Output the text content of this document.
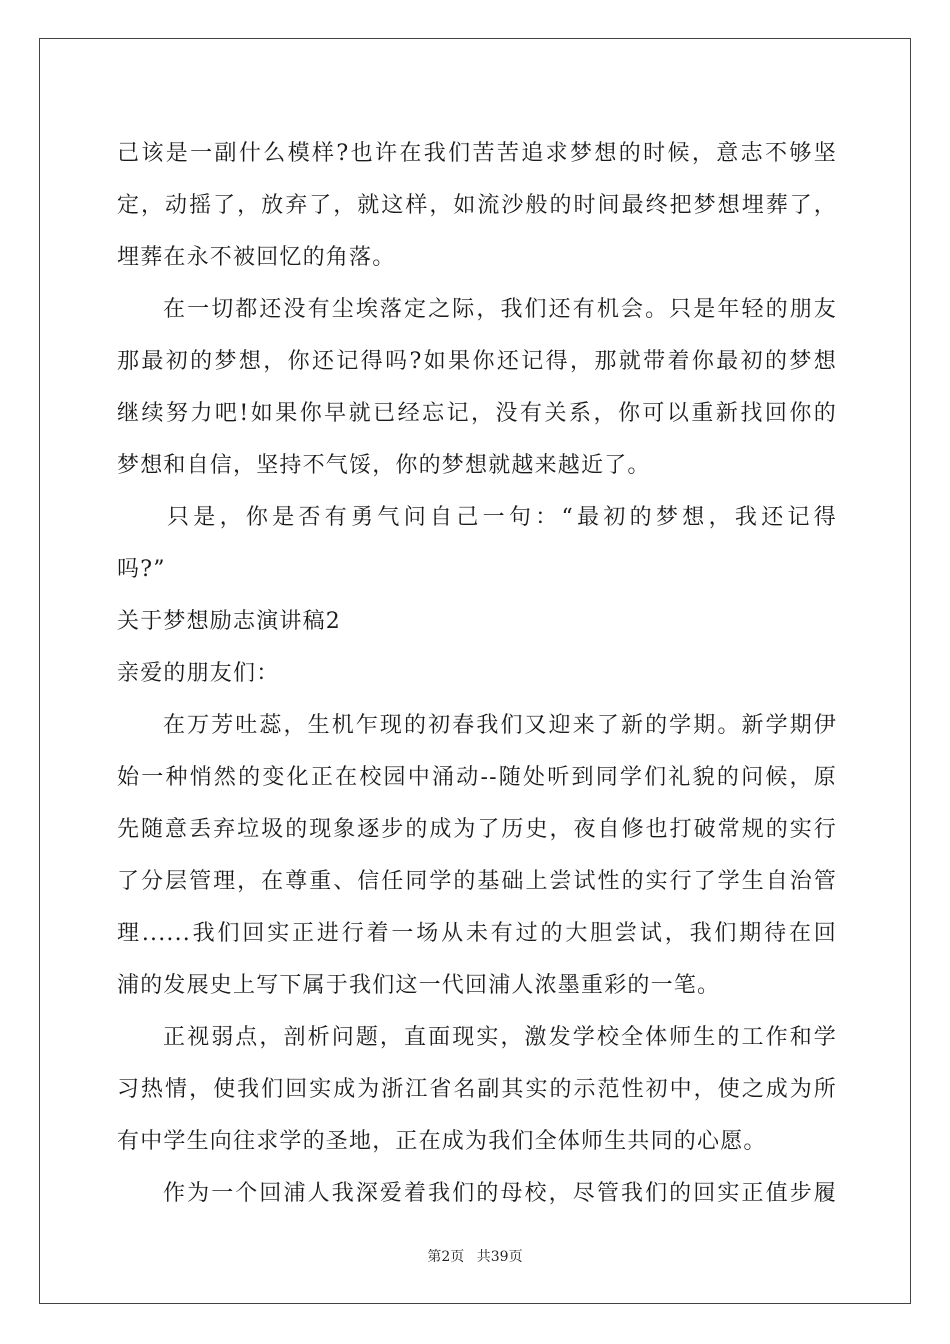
己该是一副什么模样?也许在我们苦苦追求梦想的时候，意志不够坚
定，动摇了，放弃了，就这样，如流沙般的时间最终把梦想埋葬了，
埋葬在永不被回忆的角落。
在一切都还没有尘埃落定之际，我们还有机会。只是年轻的朋友
那最初的梦想，你还记得吗?如果你还记得，那就带着你最初的梦想
继续努力吧!如果你早就已经忘记，没有关系，你可以重新找回你的
梦想和自信，坚持不气馁，你的梦想就越来越近了。
只是，你是否有勇气问自己一句：“最初的梦想，我还记得
吗?”
关于梦想励志演讲稿2
亲爱的朋友们：
在万芳吐蕊，生机乍现的初春我们又迎来了新的学期。新学期伊
始一种悄然的变化正在校园中涌动--随处听到同学们礼貌的问候，原
先随意丢弃垃圾的现象逐步的成为了历史，夜自修也打破常规的实行
了分层管理，在尊重、信任同学的基础上尝试性的实行了学生自治管
理......我们回实正进行着一场从未有过的大胆尝试，我们期待在回
浦的发展史上写下属于我们这一代回浦人浓墨重彩的一笔。
正视弱点，剖析问题，直面现实，激发学校全体师生的工作和学
习热情，使我们回实成为浙江省名副其实的示范性初中，使之成为所
有中学生向往求学的圣地，正在成为我们全体师生共同的心愿。
作为一个回浦人我深爱着我们的母校，尽管我们的回实正值步履
第2页 共39页
